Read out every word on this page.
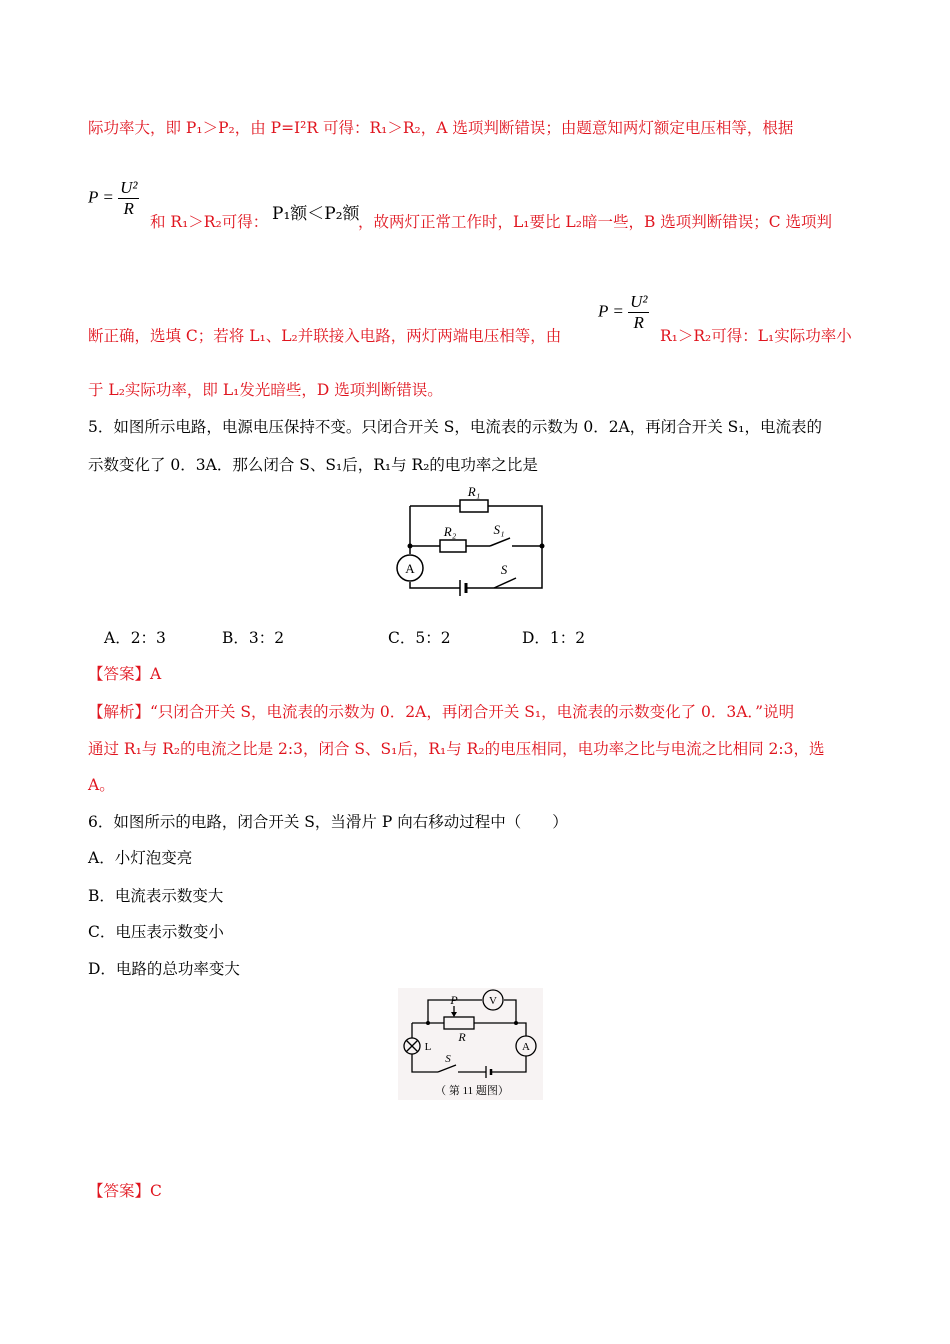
际功率大，即 P₁＞P₂，由 P=I²R 可得：R₁＞R₂，A 选项判断错误；由题意知两灯额定电压相等，根据
$P = \frac{\text{U²}}{R}$
和 R₁＞R₂可得： P₁额＜P₂额
，故两灯正常工作时，L₁要比 L₂暗一些，B 选项判断错误；C 选项判
断正确，选填 C；若将 L₁、L₂并联接入电路，两灯两端电压相等，由
$P = \frac{\text{U²}}{R}$
R₁＞R₂可得：L₁实际功率小
于 L₂实际功率，即 L₁发光暗些，D 选项判断错误。
5．如图所示电路，电源电压保持不变。只闭合开关 S，电流表的示数为 0．2A，再闭合开关 S₁，电流表的
示数变化了 0．3A．那么闭合 S、S₁后，R₁与 R₂的电功率之比是
R₁
R₂	S₁
S
A
A．2：3	B．3：2	C．5：2	D．1：2
【答案】A
【解析】“只闭合开关 S，电流表的示数为 0．2A，再闭合开关 S₁，电流表的示数变化了 0．3A．”说明
通过 R₁与 R₂的电流之比是 2:3，闭合 S、S₁后，R₁与 R₂的电压相同，电功率之比与电流之比相同 2:3，选
A。
6．如图所示的电路，闭合开关 S，当滑片 P 向右移动过程中（　　）
A．小灯泡变亮
B．电流表示数变大
C．电压表示数变小
D．电路的总功率变大
P
R
V
L
S
A
（ 第 11 题图）
【答案】C
